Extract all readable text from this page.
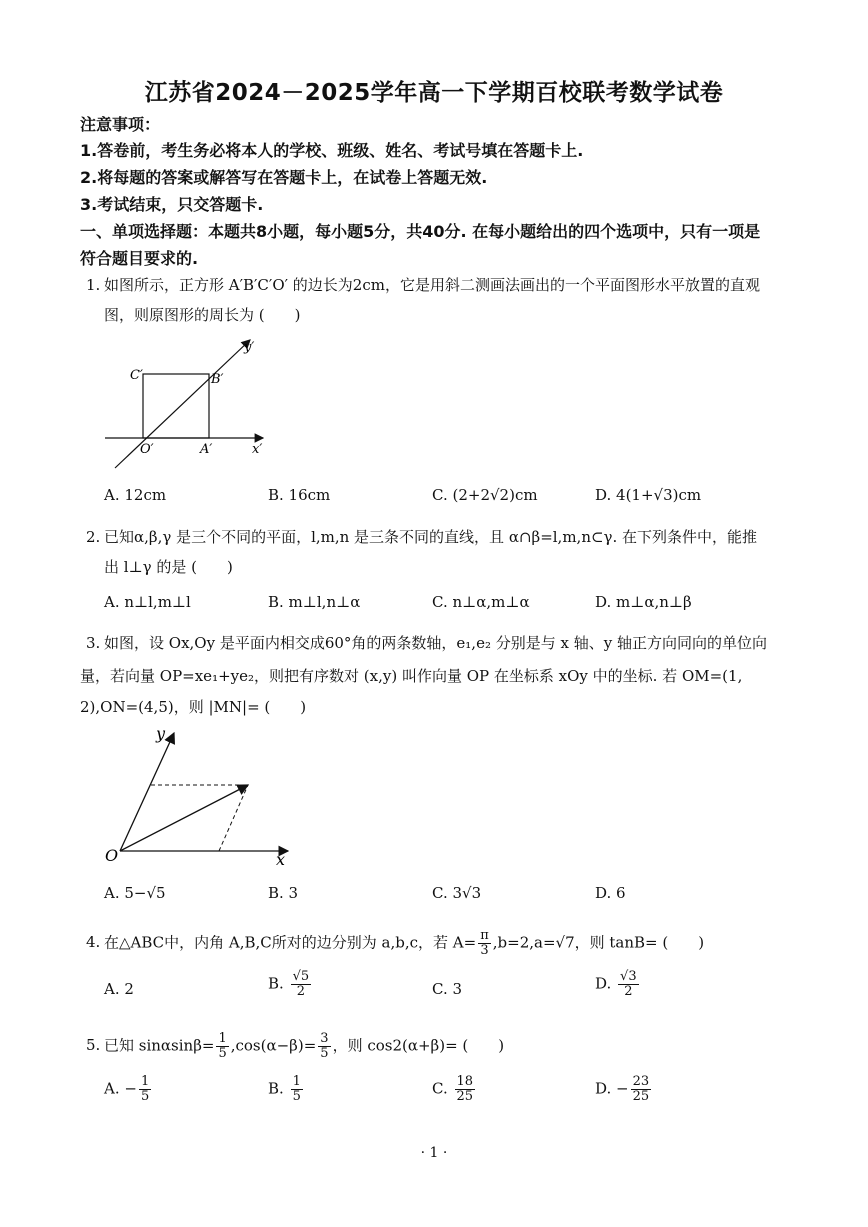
江苏省2024－2025学年高一下学期百校联考数学试卷
注意事项：
1.答卷前，考生务必将本人的学校、班级、姓名、考试号填在答题卡上.
2.将每题的答案或解答写在答题卡上，在试卷上答题无效.
3.考试结束，只交答题卡.
一、单项选择题：本题共8小题，每小题5分，共40分. 在每小题给出的四个选项中，只有一项是
符合题目要求的.
1. 如图所示，正方形 A′B′C′O′ 的边长为2cm，它是用斜二测画法画出的一个平面图形水平放置的直观
图，则原图形的周长为 (　　)
y′
x′
C′	B′
O′	A′
A. 12cm	B. 16cm	C. (2+2√2)cm	D. 4(1+√3)cm
2. 已知α,β,γ 是三个不同的平面，l,m,n 是三条不同的直线，且 α∩β=l,m,n⊂γ. 在下列条件中，能推
出 l⊥γ 的是 (　　)
A. n⊥l,m⊥l	B. m⊥l,n⊥α	C. n⊥α,m⊥α	D. m⊥α,n⊥β
3. 如图，设 Ox,Oy 是平面内相交成60°角的两条数轴，e₁,e₂ 分别是与 x 轴、y 轴正方向同向的单位向
量，若向量 OP=xe₁+ye₂，则把有序数对 (x,y) 叫作向量 OP 在坐标系 xOy 中的坐标. 若 OM=(1,
2),ON=(4,5)，则 |MN|= (　　)
y
x
O
A. 5−√5	B. 3	C. 3√3	D. 6
4. 在△ABC中，内角 A,B,C所对的边分别为 a,b,c，若 $A= \frac{\pi}{3} ,b=2,a=√7$，则 tanB= (　　)
A. 2	B. $\frac{√5}{2}$	C. 3	D. $\frac{√3}{2}$
5. 已知 $\sin\alpha\sin\beta= \frac{1}{5} ,\cos(\alpha-\beta)= \frac{3}{5}$ ，则 cos2(α+β)= (　　)
A. − $\frac{1}{5}$	B. $\frac{1}{5}$	C. $\frac{18}{25}$	D. − $\frac{23}{25}$
· 1 ·
